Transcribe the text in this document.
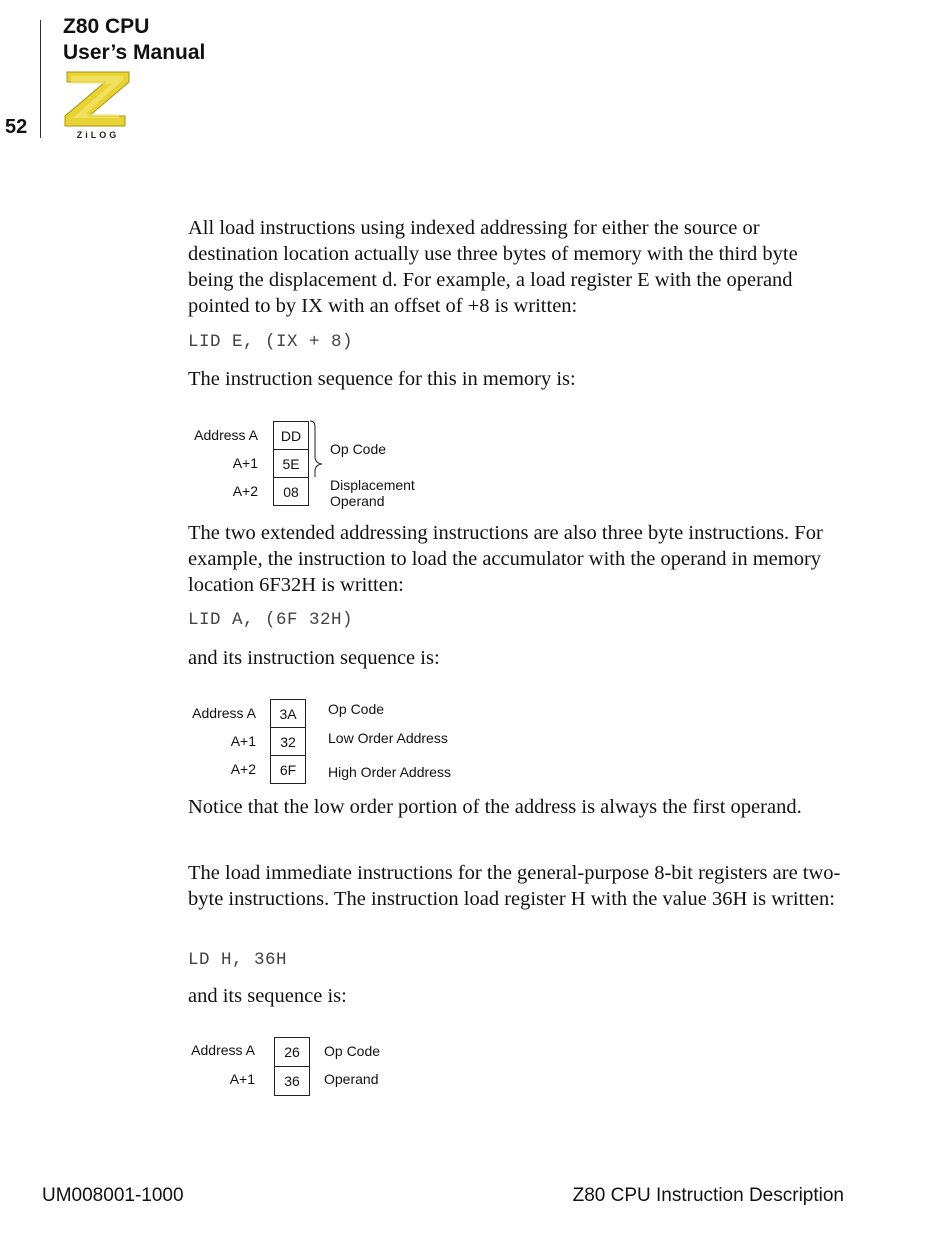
Z80 CPU
User’s Manual
52	ZiLOG

All load instructions using indexed addressing for either the source or destination location actually use three bytes of memory with the third byte being the displacement d. For example, a load register E with the operand pointed to by IX with an offset of +8 is written:

LID E, (IX + 8)

The instruction sequence for this in memory is:

Address A
A+1
A+2
DD
5E
08
Op Code
Displacement
Operand

The two extended addressing instructions are also three byte instructions. For example, the instruction to load the accumulator with the operand in memory location 6F32H is written:

LID A, (6F 32H)

and its instruction sequence is:

Address A
A+1
A+2
3A
32
6F
Op Code
Low Order Address
High Order Address

Notice that the low order portion of the address is always the first operand.

The load immediate instructions for the general-purpose 8-bit registers are two-byte instructions. The instruction load register H with the value 36H is written:

LD H, 36H

and its sequence is:

Address A
A+1
26
36
Op Code
Operand
UM008001-1000	Z80 CPU Instruction Description
